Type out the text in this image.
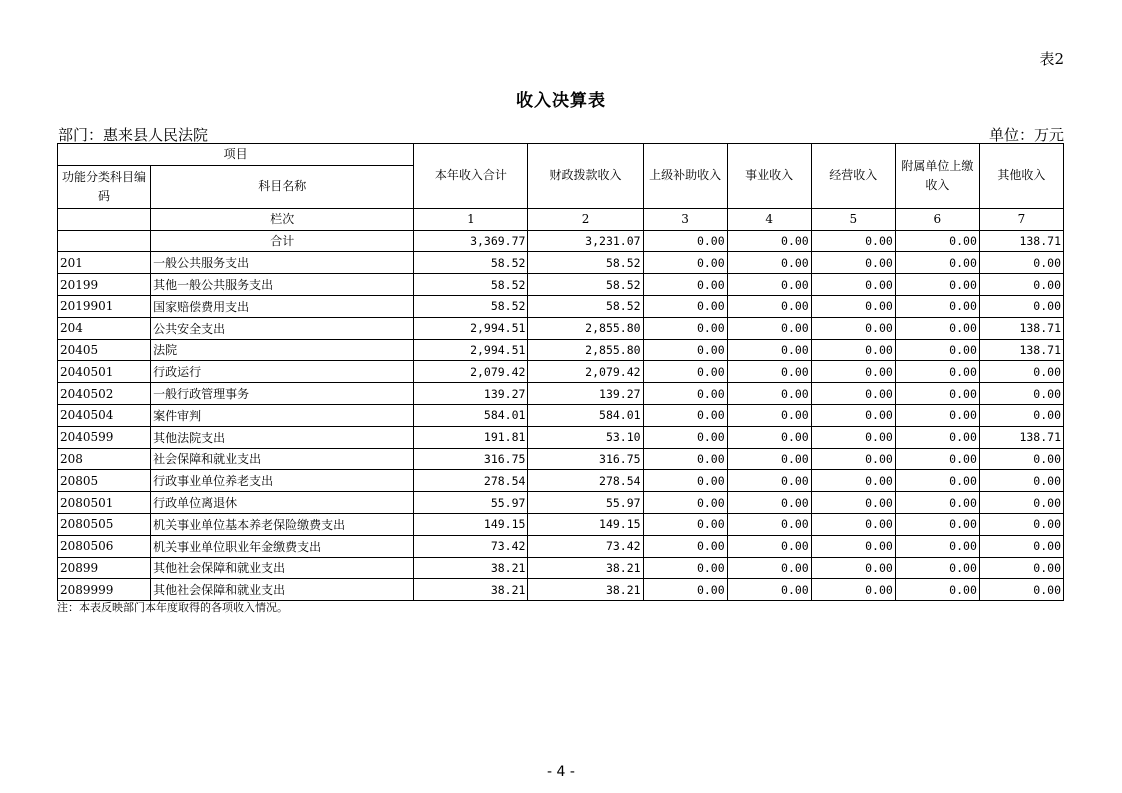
表2
收入决算表
部门：惠来县人民法院	单位：万元
项目		本年收入合计	财政拨款收入	上级补助收入	事业收入	经营收入	附属单位上缴收入	其他收入
功能分类科目编码	科目名称							
	栏次	1	2	3	4	5	6	7
	合计	3,369.77	3,231.07	0.00	0.00	0.00	0.00	138.71
201	一般公共服务支出	58.52	58.52	0.00	0.00	0.00	0.00	0.00
20199	其他一般公共服务支出	58.52	58.52	0.00	0.00	0.00	0.00	0.00
2019901	国家赔偿费用支出	58.52	58.52	0.00	0.00	0.00	0.00	0.00
204	公共安全支出	2,994.51	2,855.80	0.00	0.00	0.00	0.00	138.71
20405	法院	2,994.51	2,855.80	0.00	0.00	0.00	0.00	138.71
2040501	行政运行	2,079.42	2,079.42	0.00	0.00	0.00	0.00	0.00
2040502	一般行政管理事务	139.27	139.27	0.00	0.00	0.00	0.00	0.00
2040504	案件审判	584.01	584.01	0.00	0.00	0.00	0.00	0.00
2040599	其他法院支出	191.81	53.10	0.00	0.00	0.00	0.00	138.71
208	社会保障和就业支出	316.75	316.75	0.00	0.00	0.00	0.00	0.00
20805	行政事业单位养老支出	278.54	278.54	0.00	0.00	0.00	0.00	0.00
2080501	行政单位离退休	55.97	55.97	0.00	0.00	0.00	0.00	0.00
2080505	机关事业单位基本养老保险缴费支出	149.15	149.15	0.00	0.00	0.00	0.00	0.00
2080506	机关事业单位职业年金缴费支出	73.42	73.42	0.00	0.00	0.00	0.00	0.00
20899	其他社会保障和就业支出	38.21	38.21	0.00	0.00	0.00	0.00	0.00
2089999	其他社会保障和就业支出	38.21	38.21	0.00	0.00	0.00	0.00	0.00
注：本表反映部门本年度取得的各项收入情况。
- 4 -
